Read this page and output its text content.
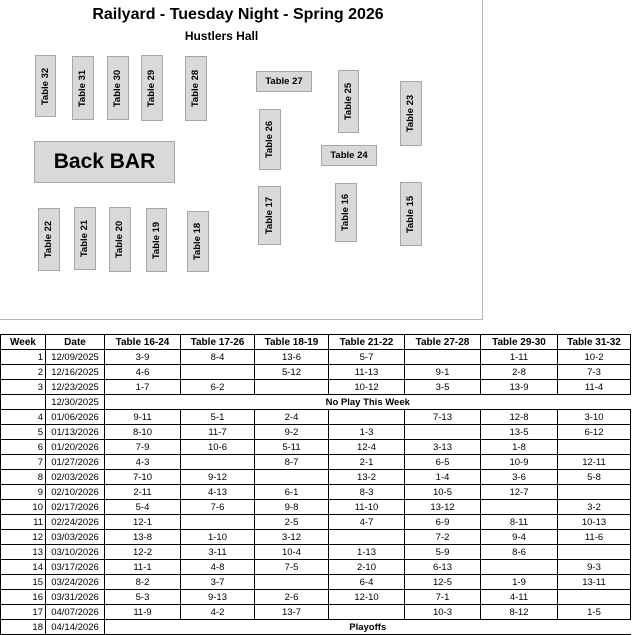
Railyard - Tuesday Night - Spring 2026
Hustlers Hall
Back BAR
Table 32	Table 31	Table 30 Table 29	Table 28	Table 27
Table 25	Table 23
Table 26	Table 24
Table 22	Table 21	Table 20	Table 19	Table 18
Table 17	Table 16	Table 15
Week	Date	Table 16-24	Table 17-26	Table 18-19	Table 21-22	Table 27-28	Table 29-30	Table 31-32
1	12/09/2025	3-9	8-4	13-6	5-7		1-11	10-2
2	12/16/2025	4-6		5-12	11-13	9-1	2-8	7-3
3	12/23/2025	1-7	6-2		10-12	3-5	13-9	11-4
	12/30/2025	No Play This Week						
4	01/06/2026	9-11	5-1	2-4		7-13	12-8	3-10
5	01/13/2026	8-10	11-7	9-2	1-3		13-5	6-12
6	01/20/2026	7-9	10-6	5-11	12-4	3-13	1-8	
7	01/27/2026	4-3		8-7	2-1	6-5	10-9	12-11
8	02/03/2026	7-10	9-12		13-2	1-4	3-6	5-8
9	02/10/2026	2-11	4-13	6-1	8-3	10-5	12-7	
10	02/17/2026	5-4	7-6	9-8	11-10	13-12		3-2
11	02/24/2026	12-1		2-5	4-7	6-9	8-11	10-13
12	03/03/2026	13-8	1-10	3-12		7-2	9-4	11-6
13	03/10/2026	12-2	3-11	10-4	1-13	5-9	8-6	
14	03/17/2026	11-1	4-8	7-5	2-10	6-13		9-3
15	03/24/2026	8-2	3-7		6-4	12-5	1-9	13-11
16	03/31/2026	5-3	9-13	2-6	12-10	7-1	4-11	
17	04/07/2026	11-9	4-2	13-7		10-3	8-12	1-5
18	04/14/2026	Playoffs						
